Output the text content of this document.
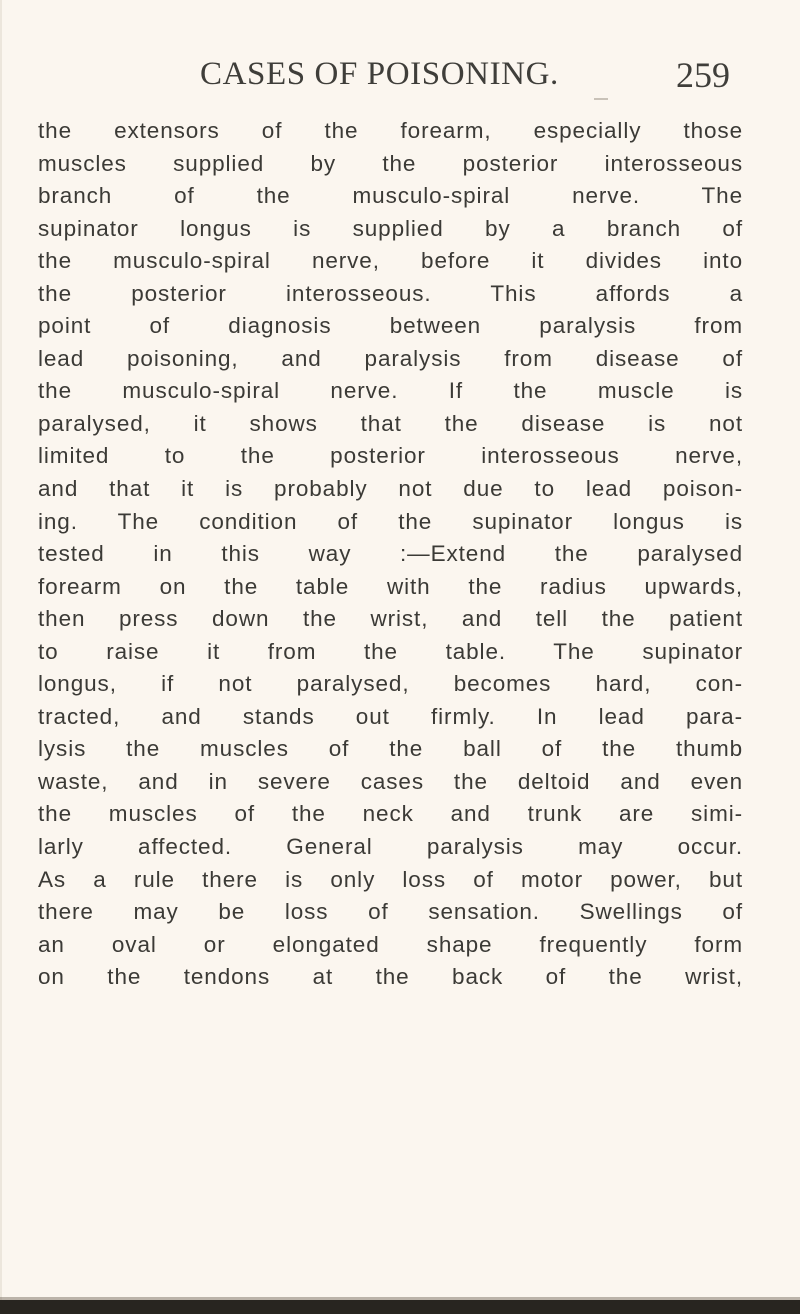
CASES OF POISONING.	259
the extensors of the forearm, especially those
muscles supplied by the posterior interosseous
branch of the musculo-spiral nerve. The
supinator longus is supplied by a branch of
the musculo-spiral nerve, before it divides into
the posterior interosseous. This affords a
point of diagnosis between paralysis from
lead poisoning, and paralysis from disease of
the musculo-spiral nerve. If the muscle is
paralysed, it shows that the disease is not
limited to the posterior interosseous nerve,
and that it is probably not due to lead poison-
ing. The condition of the supinator longus is
tested in this way :—Extend the paralysed
forearm on the table with the radius upwards,
then press down the wrist, and tell the patient
to raise it from the table. The supinator
longus, if not paralysed, becomes hard, con-
tracted, and stands out firmly. In lead para-
lysis the muscles of the ball of the thumb
waste, and in severe cases the deltoid and even
the muscles of the neck and trunk are simi-
larly affected. General paralysis may occur.
As a rule there is only loss of motor power, but
there may be loss of sensation. Swellings of
an oval or elongated shape frequently form
on the tendons at the back of the wrist,
